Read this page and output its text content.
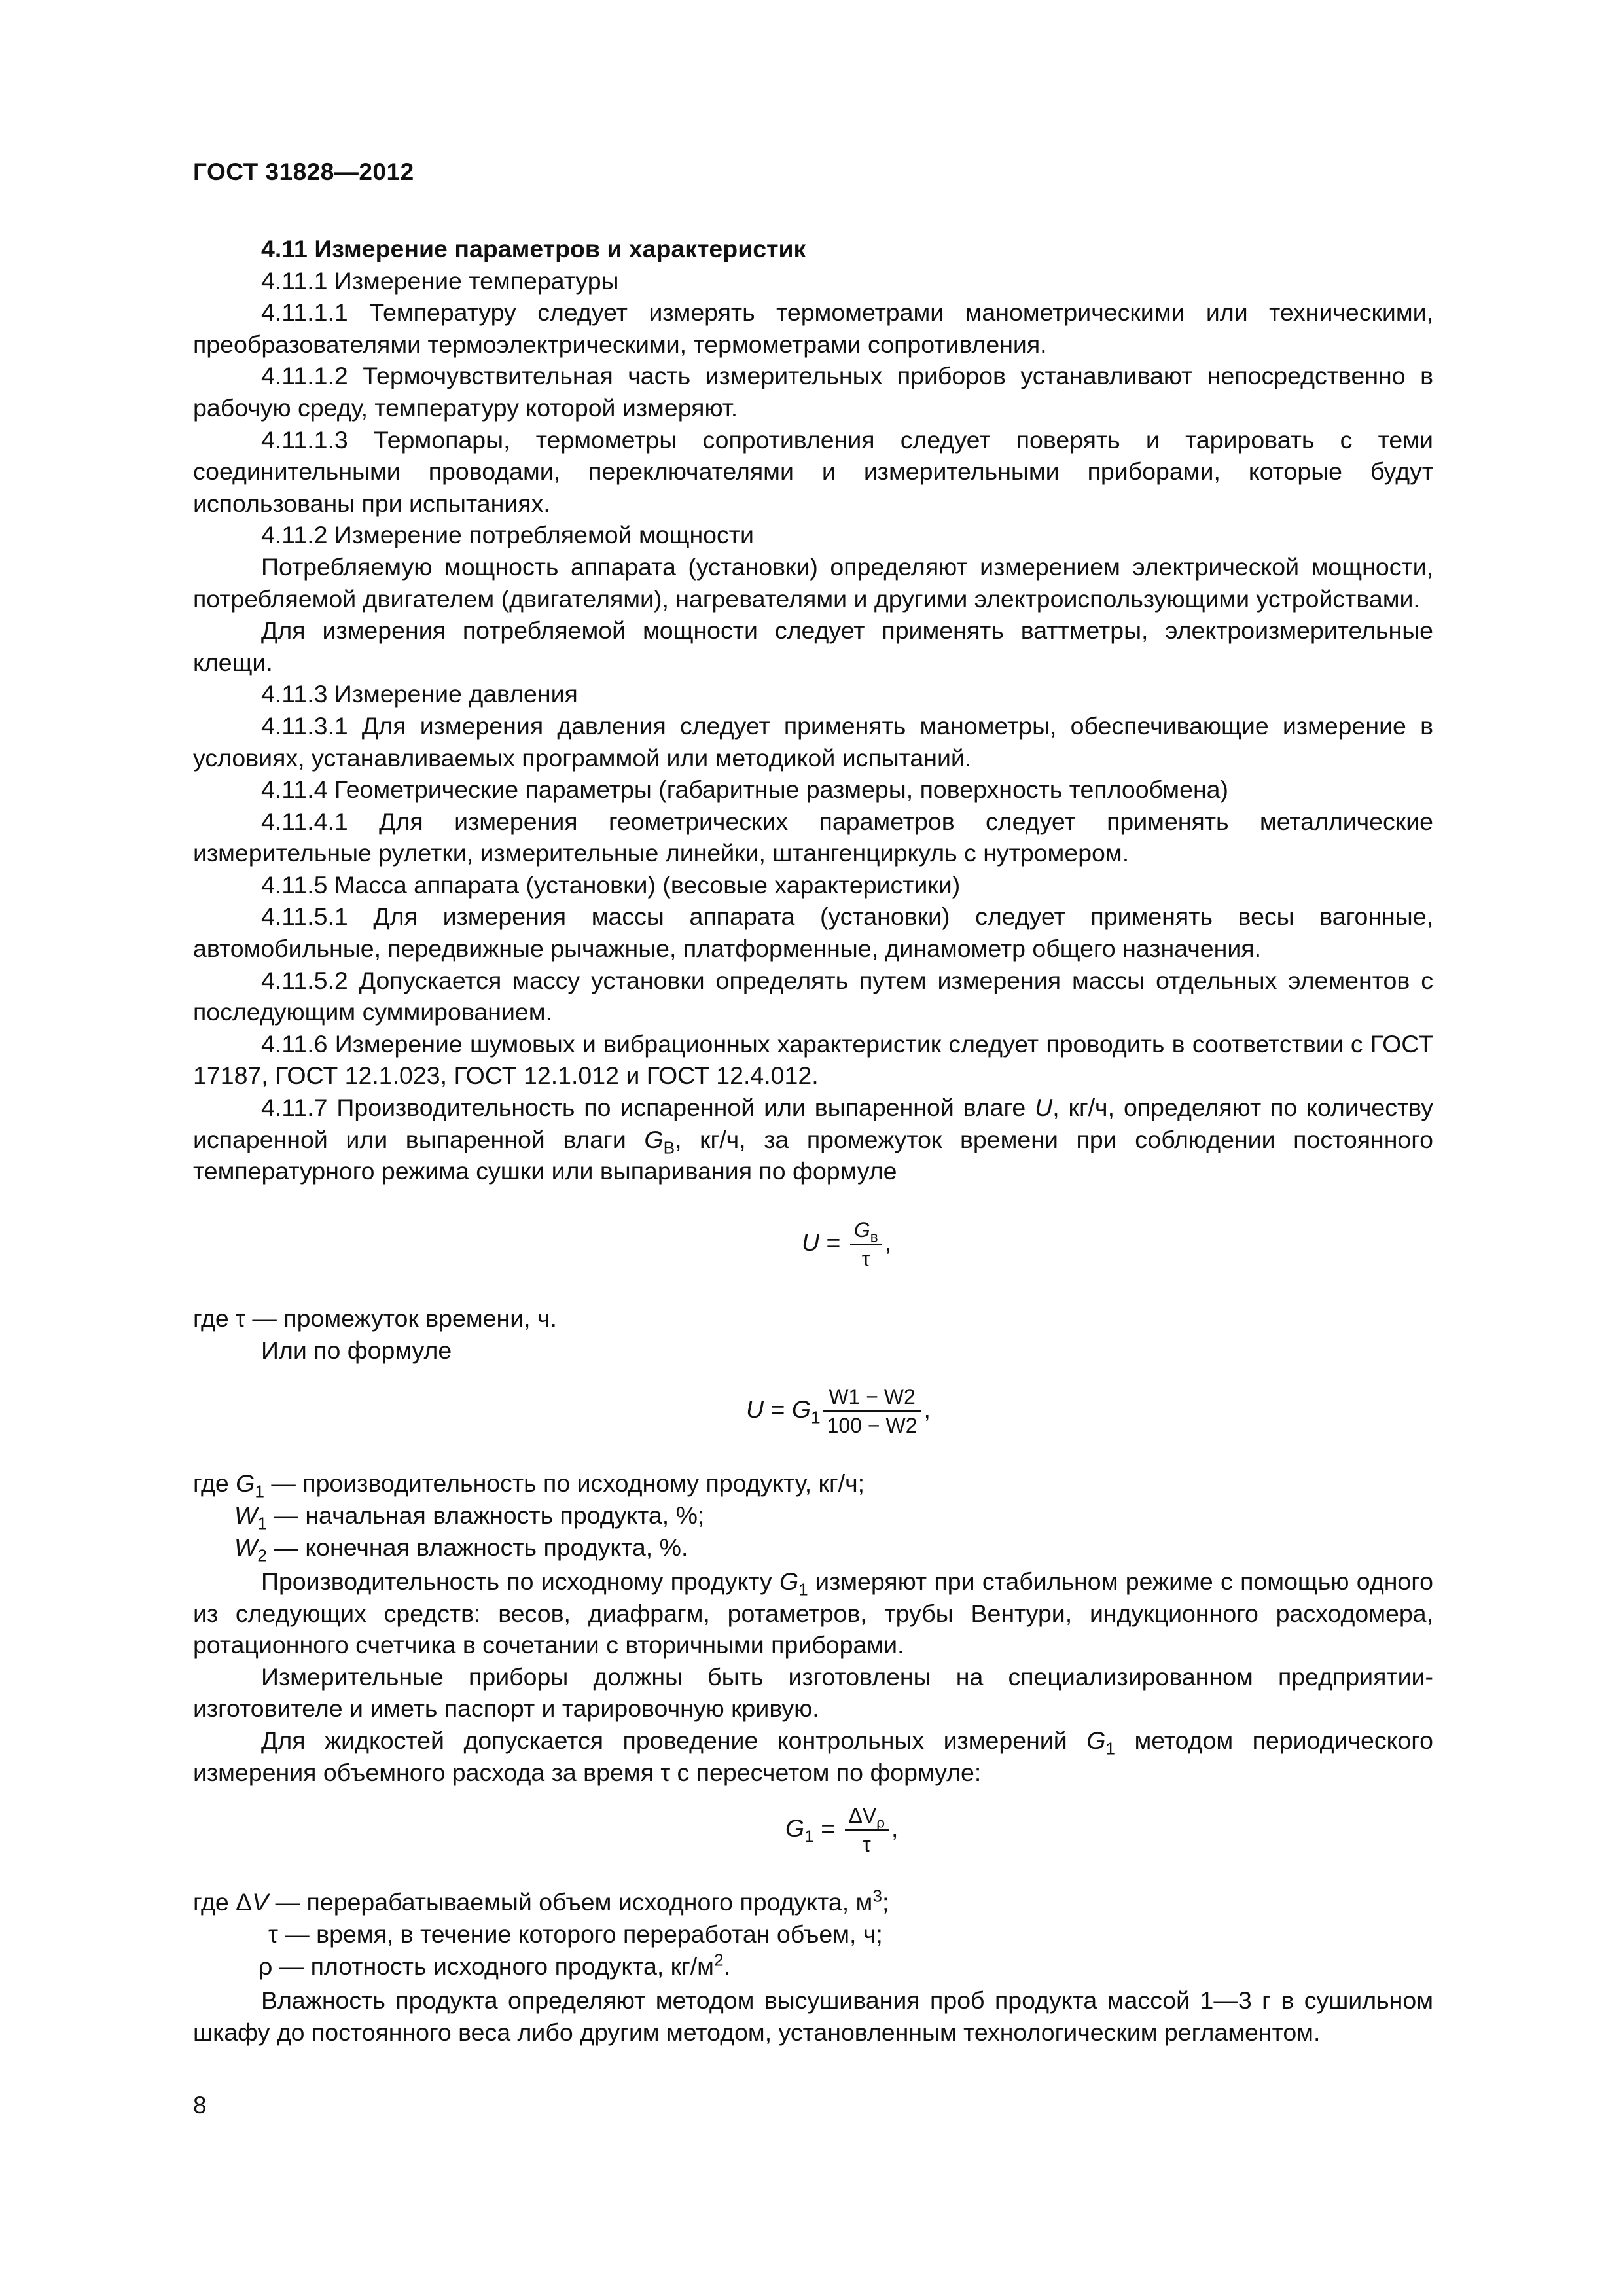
ГОСТ 31828—2012

4.11 Измерение параметров и характеристик

4.11.1 Измерение температуры

4.11.1.1 Температуру следует измерять термометрами манометрическими или техническими, преобразователями термоэлектрическими, термометрами сопротивления.

4.11.1.2 Термочувствительная часть измерительных приборов устанавливают непосредственно в рабочую среду, температуру которой измеряют.

4.11.1.3 Термопары, термометры сопротивления следует поверять и тарировать с теми соединительными проводами, переключателями и измерительными приборами, которые будут использованы при испытаниях.

4.11.2 Измерение потребляемой мощности

Потребляемую мощность аппарата (установки) определяют измерением электрической мощности, потребляемой двигателем (двигателями), нагревателями и другими электроиспользующими устройствами.

Для измерения потребляемой мощности следует применять ваттметры, электроизмерительные клещи.

4.11.3 Измерение давления

4.11.3.1 Для измерения давления следует применять манометры, обеспечивающие измерение в условиях, устанавливаемых программой или методикой испытаний.

4.11.4 Геометрические параметры (габаритные размеры, поверхность теплообмена)

4.11.4.1 Для измерения геометрических параметров следует применять металлические измерительные рулетки, измерительные линейки, штангенциркуль с нутромером.

4.11.5 Масса аппарата (установки) (весовые характеристики)

4.11.5.1 Для измерения массы аппарата (установки) следует применять весы вагонные, автомобильные, передвижные рычажные, платформенные, динамометр общего назначения.

4.11.5.2 Допускается массу установки определять путем измерения массы отдельных элементов с последующим суммированием.

4.11.6 Измерение шумовых и вибрационных характеристик следует проводить в соответствии с ГОСТ 17187, ГОСТ 12.1.023, ГОСТ 12.1.012 и ГОСТ 12.4.012.

4.11.7 Производительность по испаренной или выпаренной влаге U, кг/ч, определяют по количеству испаренной или выпаренной влаги $G_В$, кг/ч, за промежуток времени при соблюдении постоянного температурного режима сушки или выпаривания по формуле

$U = \frac{G_в}{\tau}$ ,
где τ — промежуток времени, ч.
Или по формуле
$U = G_1 \frac{W1 - W2}{100 - W2}$ ,
где $G_1$ — производительность по исходному продукту, кг/ч;
$W_1$ — начальная влажность продукта, %;
$W_2$ — конечная влажность продукта, %.

Производительность по исходному продукту $G_1$ измеряют при стабильном режиме с помощью одного из следующих средств: весов, диафрагм, ротаметров, трубы Вентури, индукционного расходомера, ротационного счетчика в сочетании с вторичными приборами.

Измерительные приборы должны быть изготовлены на специализированном предприятии-изготовителе и иметь паспорт и тарировочную кривую.

Для жидкостей допускается проведение контрольных измерений $G_1$ методом периодического измерения объемного расхода за время τ с пересчетом по формуле:

$G_1 = \frac{\Delta V_\rho}{\tau}$ ,
где ΔV — перерабатываемый объем исходного продукта, $м^3$;
τ — время, в течение которого переработан объем, ч;
ρ — плотность исходного продукта, $кг/м^2$.

Влажность продукта определяют методом высушивания проб продукта массой 1—3 г в сушильном шкафу до постоянного веса либо другим методом, установленным технологическим регламентом.

8
